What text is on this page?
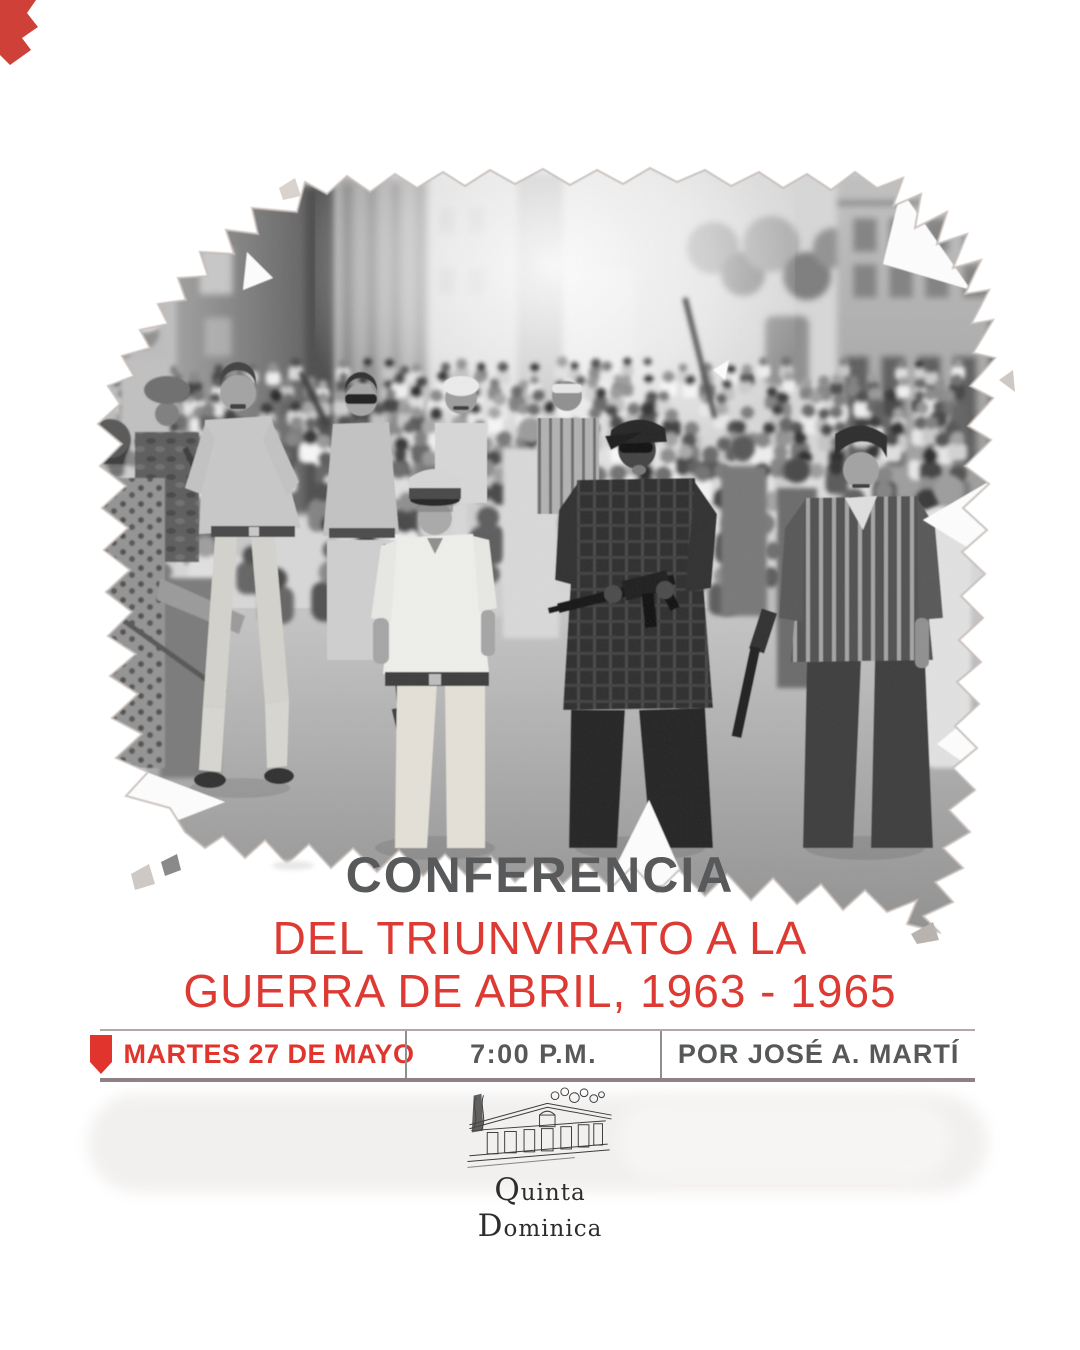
CONFERENCIA
DEL TRIUNVIRATO A LA
GUERRA DE ABRIL, 1963 - 1965
MARTES 27 DE MAYO 7:00 P.M.	POR JOSÉ A. MARTÍ
QuintaDominica
